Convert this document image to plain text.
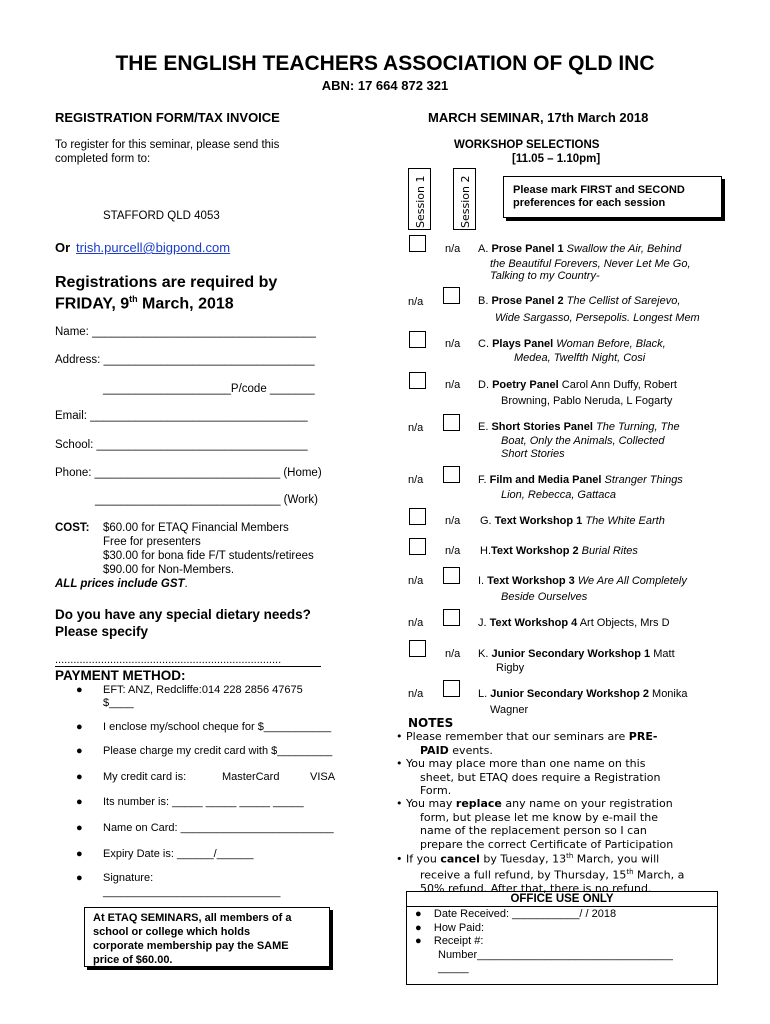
THE ENGLISH TEACHERS ASSOCIATION OF QLD INC
ABN: 17 664 872 321
REGISTRATION FORM/TAX INVOICE
To register for this seminar, please send this
completed form to:
STAFFORD QLD 4053
Or trish.purcell@bigpond.com
Registrations are required by
FRIDAY, 9th March, 2018
Name: ___________________________________
Address: _________________________________
____________________P/code _______
Email: __________________________________
School: _________________________________
Phone: _____________________________ (Home)
_____________________________ (Work)
COST: $60.00 for ETAQ Financial Members
Free for presenters
$30.00 for bona fide F/T students/retirees
$90.00 for Non-Members.
ALL prices include GST.
Do you have any special dietary needs?
Please specify
..........................................................................
PAYMENT METHOD:
● EFT: ANZ, Redcliffe:014 228 2856 47675
$____
● I enclose my/school cheque for $___________
● Please charge my credit card with $_________
● My credit card is:	MasterCard	VISA
● Its number is: _____ _____ _____ _____
● Name on Card: _________________________
● Expiry Date is: ______/______
● Signature:
_____________________________
At ETAQ SEMINARS, all members of a
school or college which holds
corporate membership pay the SAME
price of $60.00.
MARCH SEMINAR, 17th March 2018
WORKSHOP SELECTIONS
[11.05 – 1.10pm]
Session 1	Session 2	Please mark FIRST and SECOND
preferences for each session
n/a A. Prose Panel 1 Swallow the Air, Behind
the Beautiful Forevers, Never Let Me Go,
Talking to my Country-
n/a	B. Prose Panel 2 The Cellist of Sarejevo,
Wide Sargasso, Persepolis. Longest Mem
n/a C. Plays Panel Woman Before, Black,
Medea, Twelfth Night, Cosi
n/a D. Poetry Panel Carol Ann Duffy, Robert
Browning, Pablo Neruda, L Fogarty
n/a	E. Short Stories Panel The Turning, The
Boat, Only the Animals, Collected
Short Stories
n/a	F. Film and Media Panel Stranger Things
Lion, Rebecca, Gattaca
n/a G. Text Workshop 1 The White Earth
n/a H.Text Workshop 2 Burial Rites
n/a	I. Text Workshop 3 We Are All Completely
Beside Ourselves
n/a	J. Text Workshop 4 Art Objects, Mrs D
n/a K. Junior Secondary Workshop 1 Matt
Rigby
n/a	L. Junior Secondary Workshop 2 Monika
Wagner
NOTES
• Please remember that our seminars are PRE-
PAID events.
• You may place more than one name on this
sheet, but ETAQ does require a Registration
Form.
• You may replace any name on your registration
form, but please let me know by e-mail the
name of the replacement person so I can
prepare the correct Certificate of Participation
• If you cancel by Tuesday, 13th March, you will
receive a full refund, by Thursday, 15th March, a
50% refund. After that, there is no refund.
OFFICE USE ONLY
●    Date Received: ___________/ / 2018
●    How Paid:
●    Receipt #:
Number________________________________
_____
